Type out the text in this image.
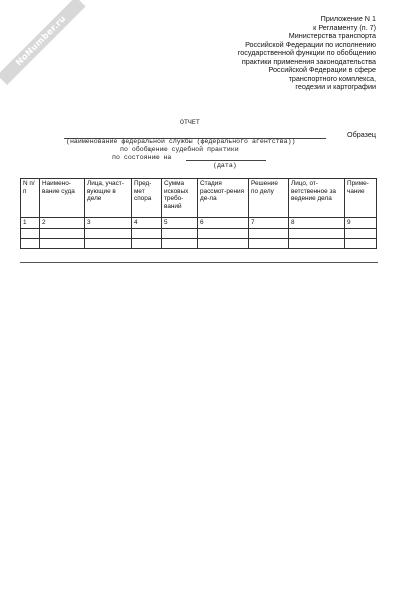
NoNumber.ru	Приложение N 1
к Регламенту (п. 7)
Министерства транспорта
Российской Федерации по исполнению
государственной функции по обобщению
практики применения законодательства
Российской Федерации в сфере
транспортного комплекса,
геодезии и картографии
Образец
ОТЧЕТ
(наименование федеральной службы (федерального агентства))
по обобщению судебной практики
по состоянию на
(дата)
N п/п	Наимено-вание суда	Лица, участ-вующие в деле	Пред-мет спора	Сумма исковых требо-ваний	Стадия рассмот-рения де-ла	Решение по делу	Лицо, от-ветственное за ведение дела	Приме-чание
1	2	3	4	5	6	7	8	9
